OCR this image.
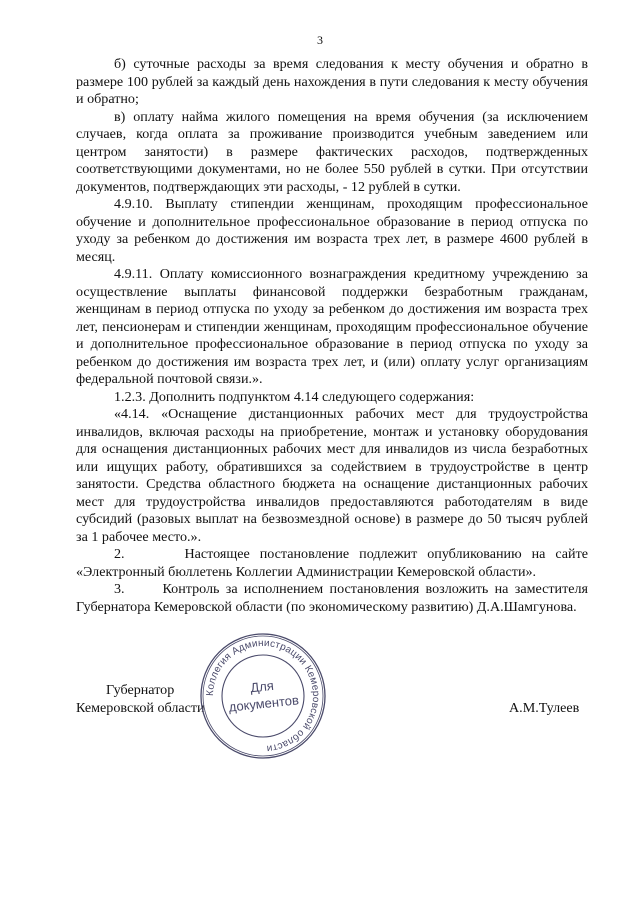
3

б) суточные расходы за время следования к месту обучения и обратно в размере 100 рублей за каждый день нахождения в пути следования к месту обучения и обратно;

в) оплату найма жилого помещения на время обучения (за исключением случаев, когда оплата за проживание производится учебным заведением или центром занятости) в размере фактических расходов, подтвержденных соответствующими документами, но не более 550 рублей в сутки. При отсутствии документов, подтверждающих эти расходы, - 12 рублей в сутки.

4.9.10. Выплату стипендии женщинам, проходящим профессиональное обучение и дополнительное профессиональное образование в период отпуска по уходу за ребенком до достижения им возраста трех лет, в размере 4600 рублей в месяц.

4.9.11. Оплату комиссионного вознаграждения кредитному учреждению за осуществление выплаты финансовой поддержки безработным гражданам, женщинам в период отпуска по уходу за ребенком до достижения им возраста трех лет, пенсионерам и стипендии женщинам, проходящим профессиональное обучение и дополнительное профессиональное образование в период отпуска по уходу за ребенком до достижения им возраста трех лет, и (или) оплату услуг организациям федеральной почтовой связи.».

1.2.3. Дополнить подпунктом 4.14 следующего содержания:

«4.14. «Оснащение дистанционных рабочих мест для трудоустройства инвалидов, включая расходы на приобретение, монтаж и установку оборудования для оснащения дистанционных рабочих мест для инвалидов из числа безработных или ищущих работу, обратившихся за содействием в трудоустройстве в центр занятости. Средства областного бюджета на оснащение дистанционных рабочих мест для трудоустройства инвалидов предоставляются работодателям в виде субсидий (разовых выплат на безвозмездной основе) в размере до 50 тысяч рублей за 1 рабочее место.».

2.      Настоящее постановление подлежит опубликованию на сайте «Электронный бюллетень Коллегии Администрации Кемеровской области».

3.      Контроль за исполнением постановления возложить на заместителя Губернатора Кемеровской области (по экономическому развитию) Д.А.Шамгунова.

Губернатор
Кемеровской области	А.М.Тулеев
Коллегия Администрации Кемеровской области
Для
документов
